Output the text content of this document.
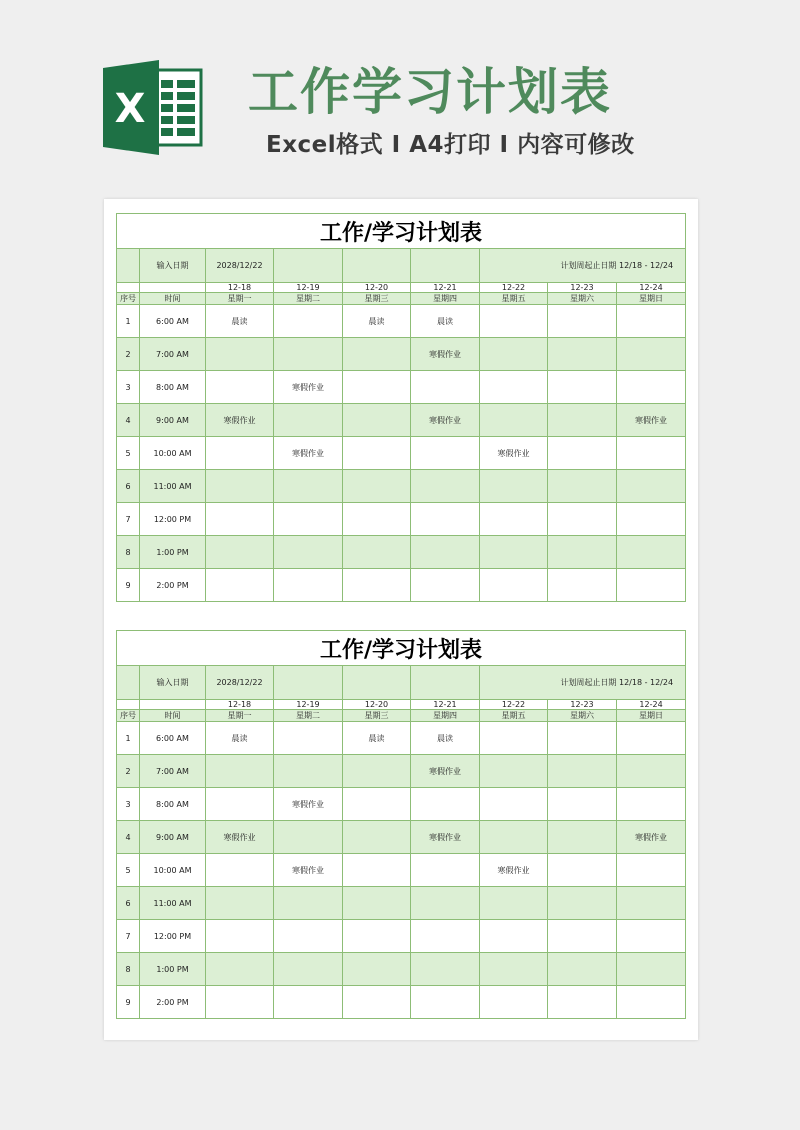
X 工作学习计划表
Excel格式 I A4打印 I 内容可修改
工作/学习计划表								
	输入日期	2028/12/22				计划周起止日期 12/18 - 12/24		
		12-18	12-19	12-20	12-21	12-22	12-23	12-24
序号	时间	星期一	星期二	星期三	星期四	星期五	星期六	星期日
1	6:00 AM	晨读		晨读	晨读			
2	7:00 AM				寒假作业			
3	8:00 AM		寒假作业					
4	9:00 AM	寒假作业			寒假作业			寒假作业
5	10:00 AM		寒假作业			寒假作业		
6	11:00 AM							
7	12:00 PM							
8	1:00 PM							
9	2:00 PM							
工作/学习计划表								
	输入日期	2028/12/22				计划周起止日期 12/18 - 12/24		
		12-18	12-19	12-20	12-21	12-22	12-23	12-24
序号	时间	星期一	星期二	星期三	星期四	星期五	星期六	星期日
1	6:00 AM	晨读		晨读	晨读			
2	7:00 AM				寒假作业			
3	8:00 AM		寒假作业					
4	9:00 AM	寒假作业			寒假作业			寒假作业
5	10:00 AM		寒假作业			寒假作业		
6	11:00 AM							
7	12:00 PM							
8	1:00 PM							
9	2:00 PM							
